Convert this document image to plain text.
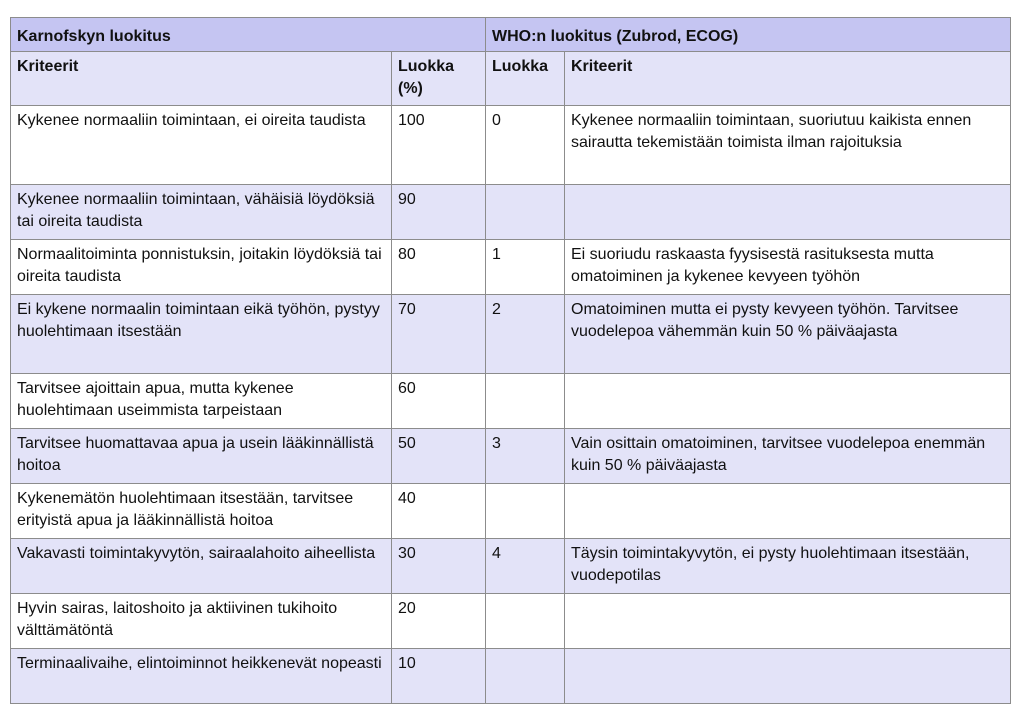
Karnofskyn luokitus		WHO:n luokitus (Zubrod, ECOG)	
Kriteerit	Luokka (%)	Luokka	Kriteerit
Kykenee normaaliin toimintaan, ei oireita taudista	100	0	Kykenee normaaliin toimintaan, suoriutuu kaikista ennen sairautta tekemistään toimista ilman rajoituksia
Kykenee normaaliin toimintaan, vähäisiä löydöksiä tai oireita taudista	90		
Normaalitoiminta ponnistuksin, joitakin löydöksiä tai oireita taudista	80	1	Ei suoriudu raskaasta fyysisestä rasituksesta mutta omatoiminen ja kykenee kevyeen työhön
Ei kykene normaalin toimintaan eikä työhön, pystyy huolehtimaan itsestään	70	2	Omatoiminen mutta ei pysty kevyeen työhön. Tarvitsee vuodelepoa vähemmän kuin 50 % päiväajasta
Tarvitsee ajoittain apua, mutta kykenee huolehtimaan useimmista tarpeistaan	60		
Tarvitsee huomattavaa apua ja usein lääkinnällistä hoitoa	50	3	Vain osittain omatoiminen, tarvitsee vuodelepoa enemmän kuin 50 % päiväajasta
Kykenemätön huolehtimaan itsestään, tarvitsee erityistä apua ja lääkinnällistä hoitoa	40		
Vakavasti toimintakyvytön, sairaalahoito aiheellista	30	4	Täysin toimintakyvytön, ei pysty huolehtimaan itsestään, vuodepotilas
Hyvin sairas, laitoshoito ja aktiivinen tukihoito välttämätöntä	20		
Terminaalivaihe, elintoiminnot heikkenevät nopeasti	10		
